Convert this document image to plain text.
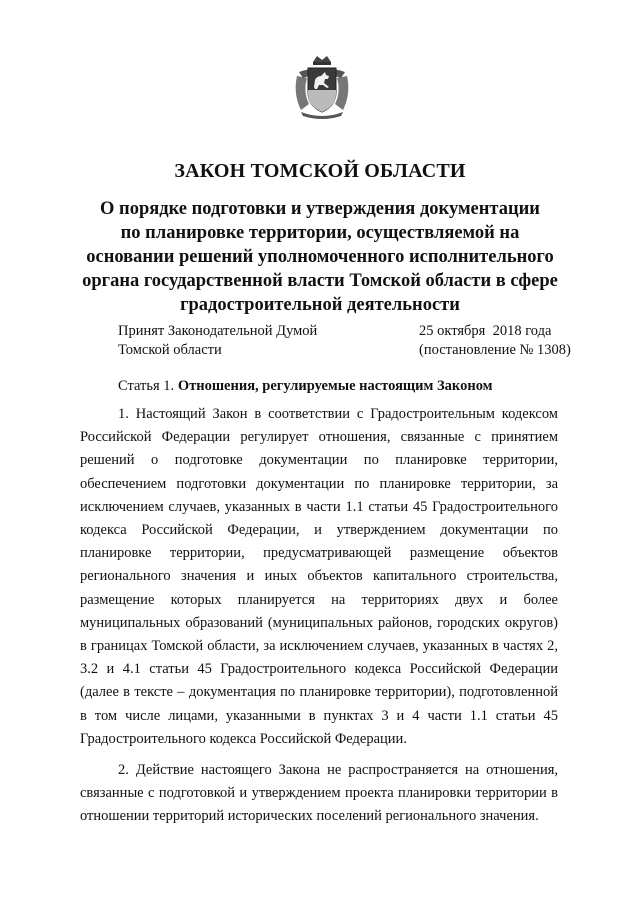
ЗАКОН ТОМСКОЙ ОБЛАСТИ
О порядке подготовки и утверждения документации
по планировке территории, осуществляемой на
основании решений уполномоченного исполнительного
органа государственной власти Томской области в сфере
градостроительной деятельности
Принят Законодательной Думой
Томской области
25 октября  2018 года
(постановление № 1308)
Статья 1. Отношения, регулируемые настоящим Законом

1. Настоящий Закон в соответствии с Градостроительным кодексом Российской Федерации регулирует отношения, связанные с принятием решений о подготовке документации по планировке территории, обеспечением подготовки документации по планировке территории, за исключением случаев, указанных в части 1.1 статьи 45 Градостроительного кодекса Российской Федерации, и утверждением документации по планировке территории, предусматривающей размещение объектов регионального значения и иных объектов капитального строительства, размещение которых планируется на территориях двух и более муниципальных образований (муниципальных районов, городских округов) в границах Томской области, за исключением случаев, указанных в частях 2, 3.2 и 4.1 статьи 45 Градостроительного кодекса Российской Федерации (далее в тексте – документация по планировке территории), подготовленной в том числе лицами, указанными в пунктах 3 и 4 части 1.1 статьи 45 Градостроительного кодекса Российской Федерации.

2. Действие настоящего Закона не распространяется на отношения, связанные с подготовкой и утверждением проекта планировки территории в отношении территорий исторических поселений регионального значения.
